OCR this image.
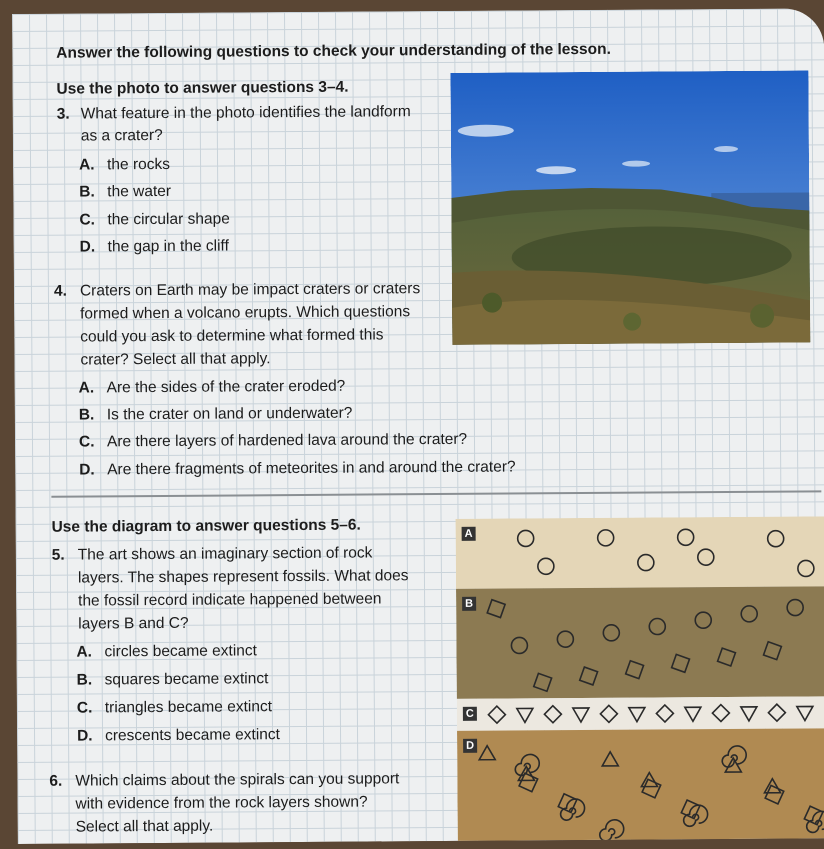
Answer the following questions to check your understanding of the lesson.
Use the photo to answer questions 3–4.
3. What feature in the photo identifies the landform
as a crater?
A. the rocks
B. the water
C. the circular shape
D. the gap in the cliff
4. Craters on Earth may be impact craters or craters
formed when a volcano erupts. Which questions
could you ask to determine what formed this
crater? Select all that apply.
A. Are the sides of the crater eroded?
B. Is the crater on land or underwater?
C. Are there layers of hardened lava around the crater?
D. Are there fragments of meteorites in and around the crater?
Use the diagram to answer questions 5–6.
5. The art shows an imaginary section of rock
layers. The shapes represent fossils. What does
the fossil record indicate happened between
layers B and C?
A. circles became extinct
B. squares became extinct
C. triangles became extinct
D. crescents became extinct
6. Which claims about the spirals can you support
with evidence from the rock layers shown?
Select all that apply.
A
B
C
D
